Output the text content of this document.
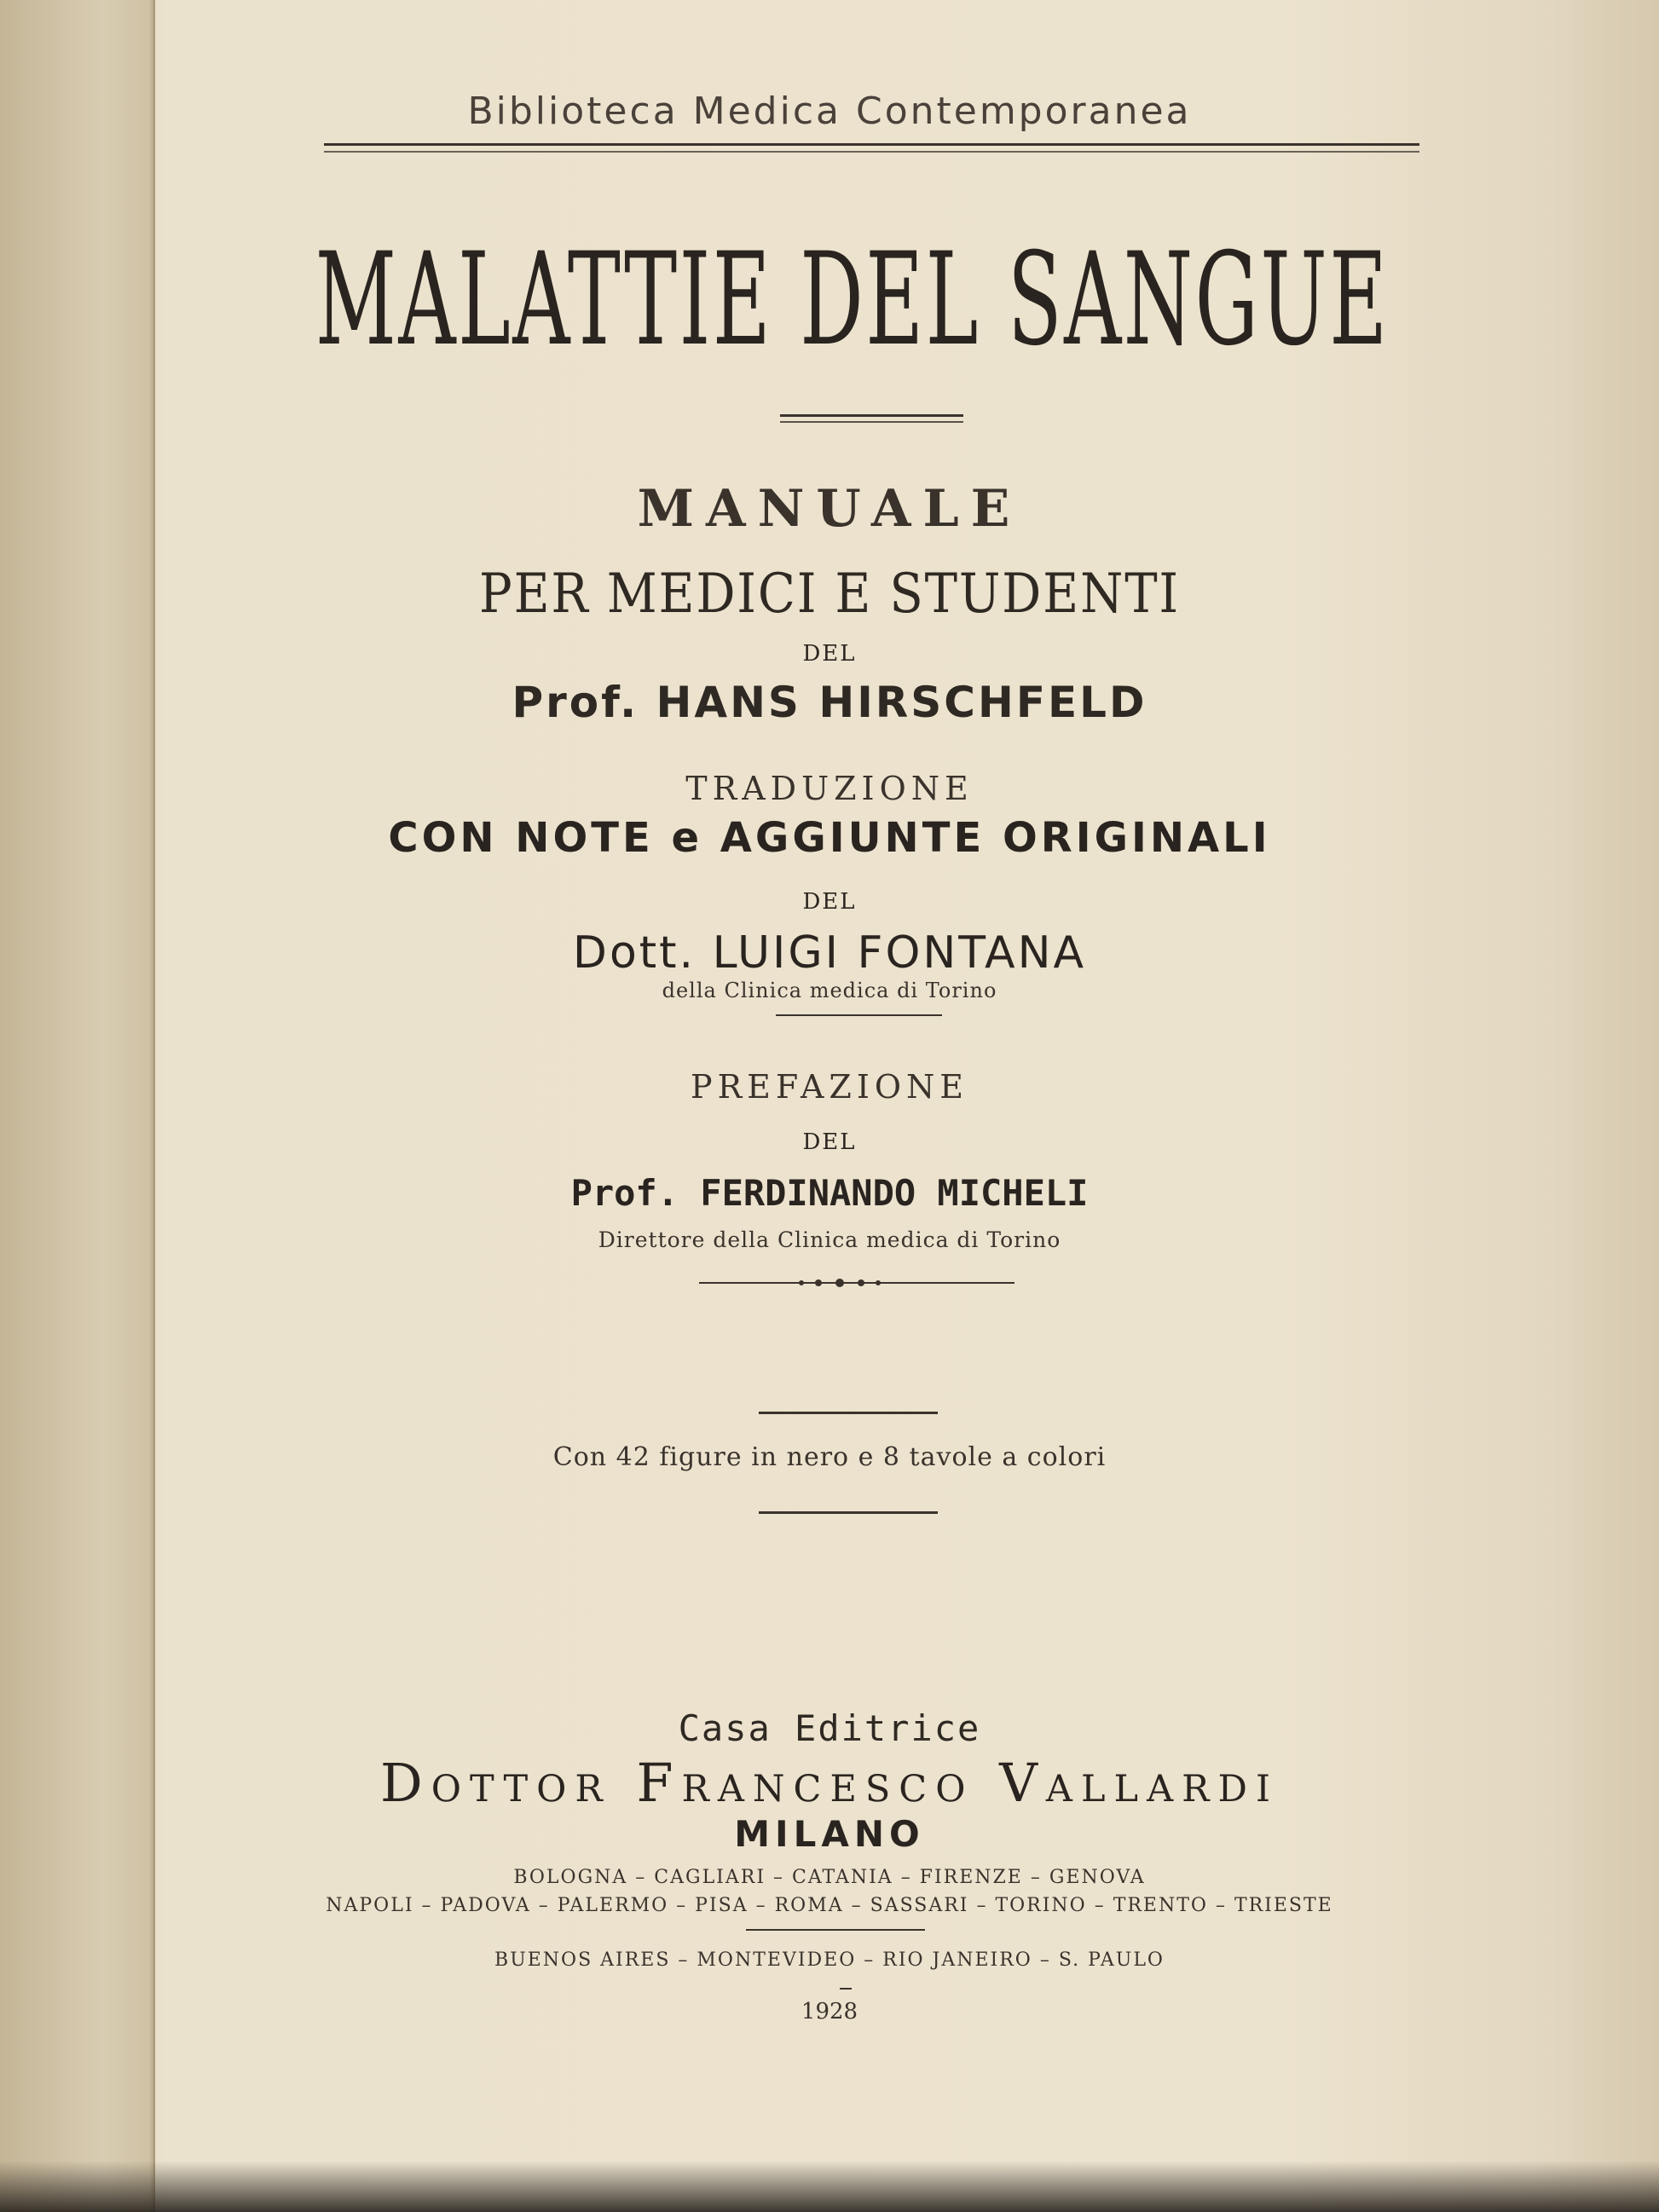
Biblioteca Medica Contemporanea

MALATTIE DEL SANGUE

MANUALE

PER MEDICI E STUDENTI

DEL

Prof. HANS HIRSCHFELD

TRADUZIONE

CON NOTE e AGGIUNTE ORIGINALI

DEL

Dott. LUIGI FONTANA

della Clinica medica di Torino

PREFAZIONE

DEL

Prof. FERDINANDO MICHELI

Direttore della Clinica medica di Torino

Con 42 figure in nero e 8 tavole a colori

Casa Editrice

Dottor Francesco Vallardi

MILANO

BOLOGNA – CAGLIARI – CATANIA – FIRENZE – GENOVA

NAPOLI – PADOVA – PALERMO – PISA – ROMA – SASSARI – TORINO – TRENTO – TRIESTE

BUENOS AIRES – MONTEVIDEO – RIO JANEIRO – S. PAULO

1928
